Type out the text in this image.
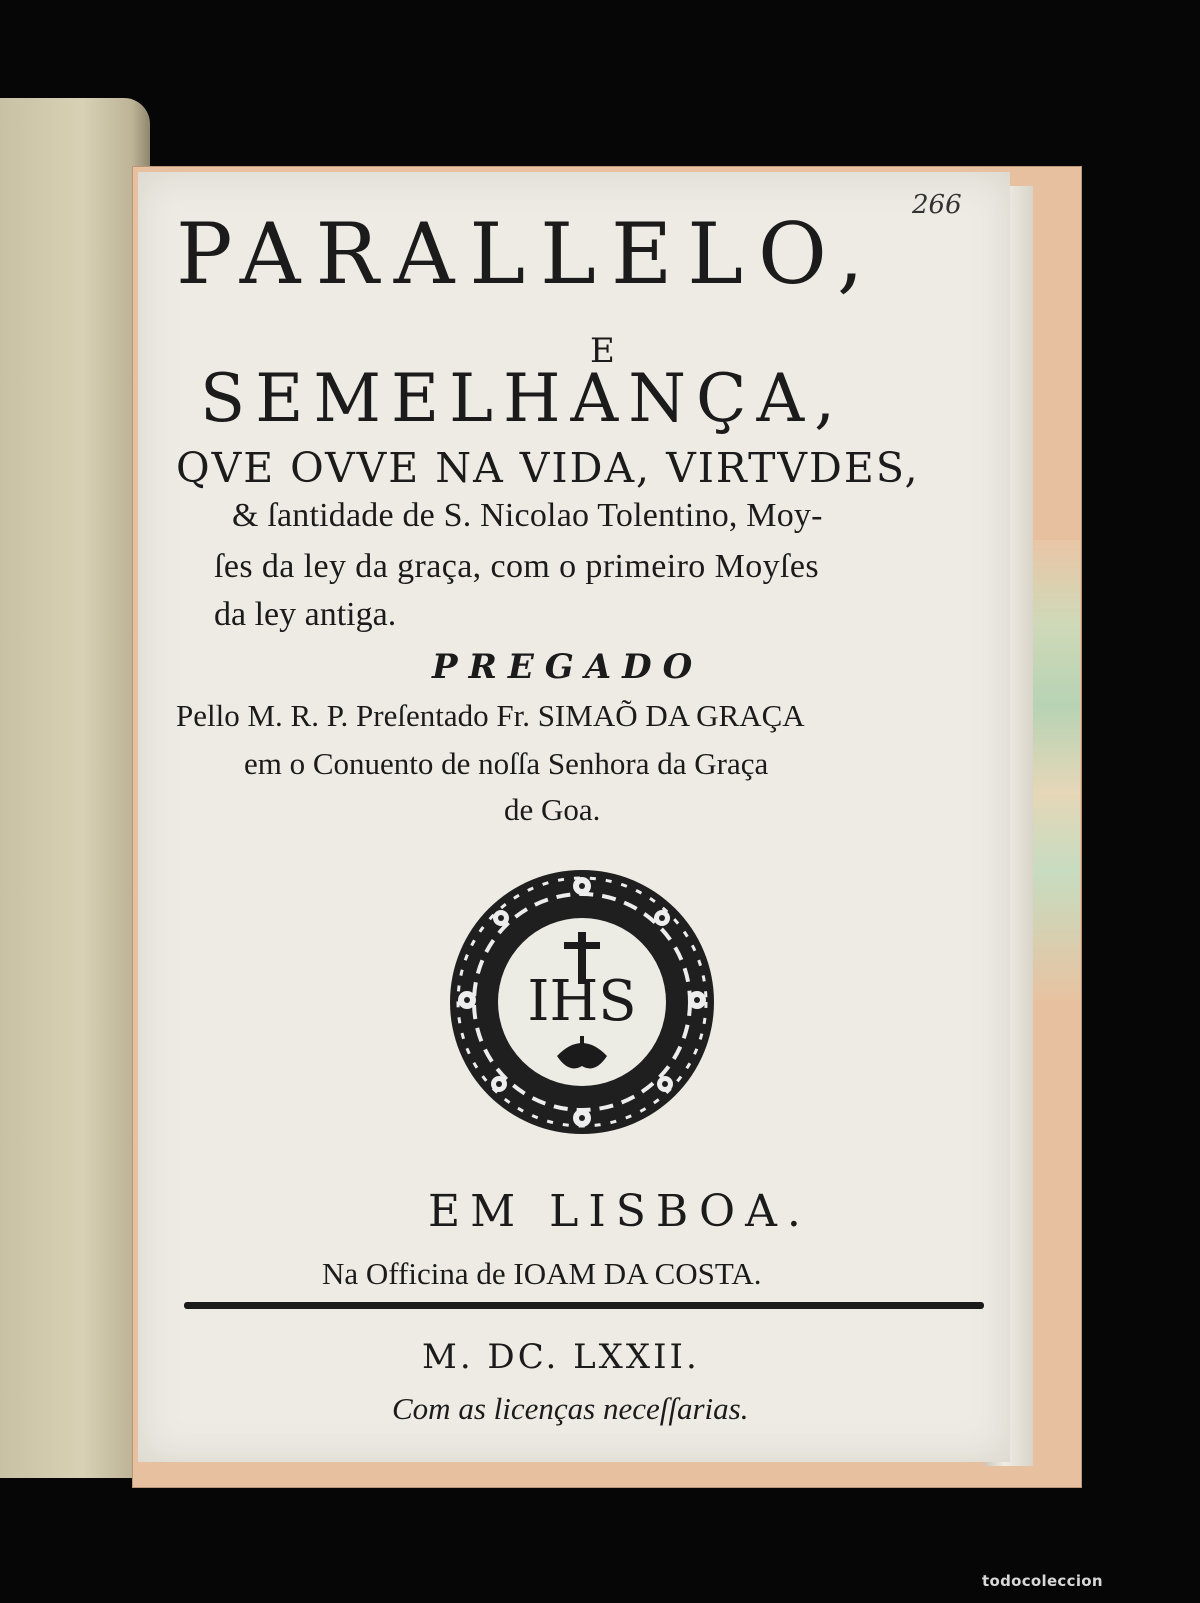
266

PARALLELO,

E

SEMELHANÇA,

QVE OVVE NA VIDA, VIRTVDES,

& ſantidade de S. Nicolao Tolentino, Moy-

ſes da ley da graça, com o primeiro Moyſes

da ley antiga.

PREGADO

Pello M. R. P. Preſentado Fr. SIMAÕ DA GRAÇA

em o Conuento de noſſa Senhora da Graça

de Goa.

IHS

EM LISBOA.

Na Officina de IOAM DA COSTA.

M. DC. LXXII.

Com as licenças neceſſarias.

todocoleccion
